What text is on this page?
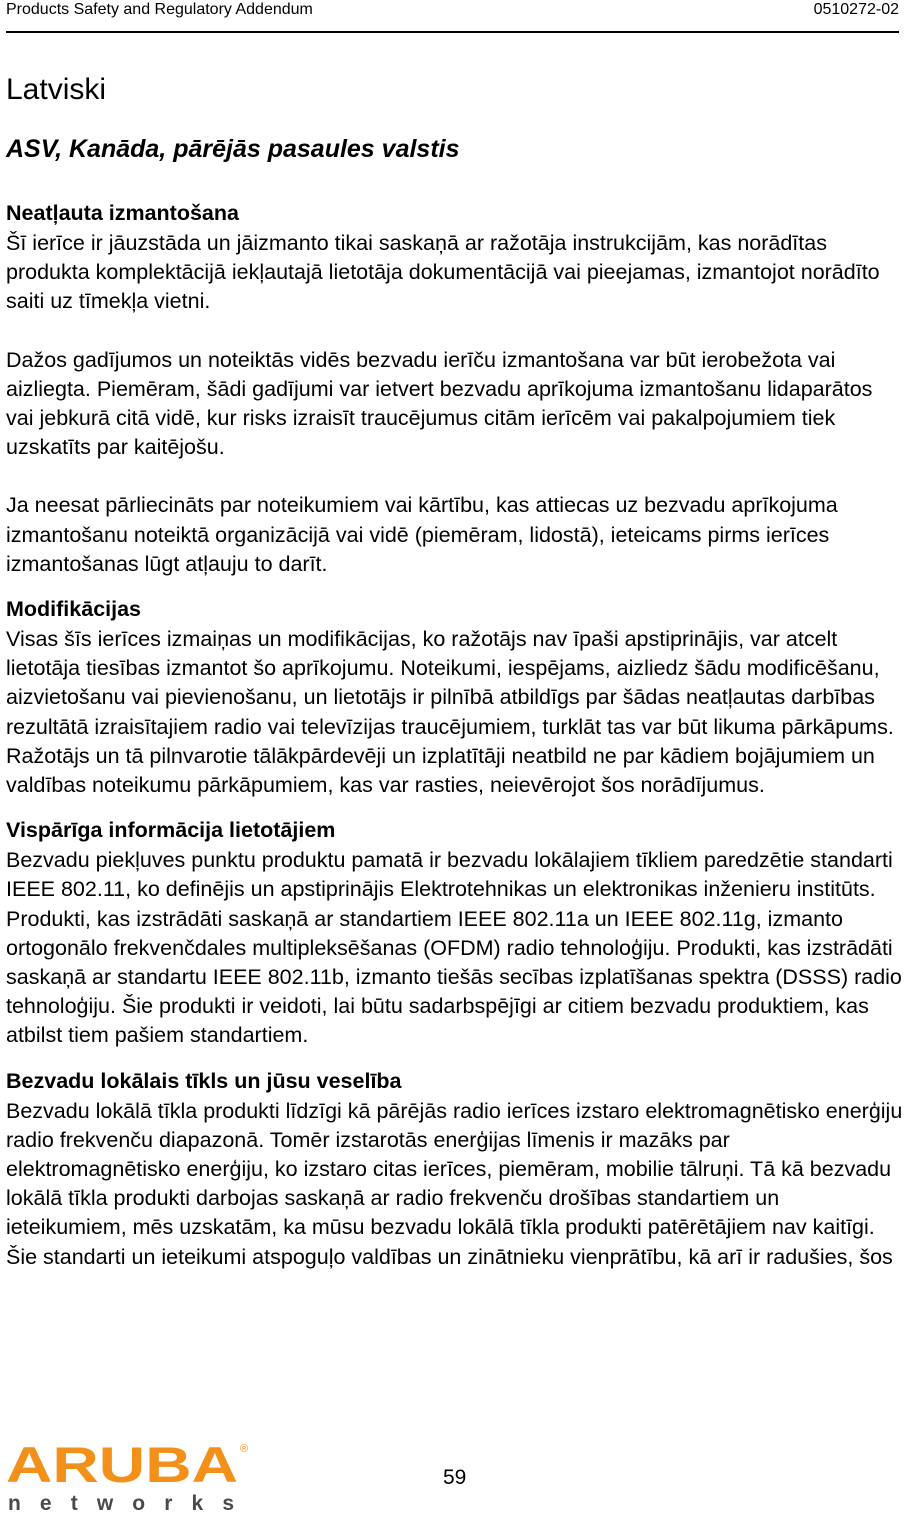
Products Safety and Regulatory Addendum	0510272-02
Latviski
ASV, Kanāda, pārējās pasaules valstis
Neatļauta izmantošana

Šī ierīce ir jāuzstāda un jāizmanto tikai saskaņā ar ražotāja instrukcijām, kas norādītas produkta komplektācijā iekļautajā lietotāja dokumentācijā vai pieejamas, izmantojot norādīto saiti uz tīmekļa vietni.

Dažos gadījumos un noteiktās vidēs bezvadu ierīču izmantošana var būt ierobežota vai aizliegta. Piemēram, šādi gadījumi var ietvert bezvadu aprīkojuma izmantošanu lidaparātos vai jebkurā citā vidē, kur risks izraisīt traucējumus citām ierīcēm vai pakalpojumiem tiek uzskatīts par kaitējošu.

Ja neesat pārliecināts par noteikumiem vai kārtību, kas attiecas uz bezvadu aprīkojuma izmantošanu noteiktā organizācijā vai vidē (piemēram, lidostā), ieteicams pirms ierīces izmantošanas lūgt atļauju to darīt.

Modifikācijas

Visas šīs ierīces izmaiņas un modifikācijas, ko ražotājs nav īpaši apstiprinājis, var atcelt lietotāja tiesības izmantot šo aprīkojumu. Noteikumi, iespējams, aizliedz šādu modificēšanu, aizvietošanu vai pievienošanu, un lietotājs ir pilnībā atbildīgs par šādas neatļautas darbības rezultātā izraisītajiem radio vai televīzijas traucējumiem, turklāt tas var būt likuma pārkāpums. Ražotājs un tā pilnvarotie tālākpārdevēji un izplatītāji neatbild ne par kādiem bojājumiem un valdības noteikumu pārkāpumiem, kas var rasties, neievērojot šos norādījumus.

Vispārīga informācija lietotājiem

Bezvadu piekļuves punktu produktu pamatā ir bezvadu lokālajiem tīkliem paredzētie standarti IEEE 802.11, ko definējis un apstiprinājis Elektrotehnikas un elektronikas inženieru institūts. Produkti, kas izstrādāti saskaņā ar standartiem IEEE 802.11a un IEEE 802.11g, izmanto ortogonālo frekvenčdales multipleksēšanas (OFDM) radio tehnoloģiju. Produkti, kas izstrādāti saskaņā ar standartu IEEE 802.11b, izmanto tiešās secības izplatīšanas spektra (DSSS) radio tehnoloģiju. Šie produkti ir veidoti, lai būtu sadarbspējīgi ar citiem bezvadu produktiem, kas atbilst tiem pašiem standartiem.

Bezvadu lokālais tīkls un jūsu veselība

Bezvadu lokālā tīkla produkti līdzīgi kā pārējās radio ierīces izstaro elektromagnētisko enerģiju radio frekvenču diapazonā. Tomēr izstarotās enerģijas līmenis ir mazāks par elektromagnētisko enerģiju, ko izstaro citas ierīces, piemēram, mobilie tālruņi. Tā kā bezvadu lokālā tīkla produkti darbojas saskaņā ar radio frekvenču drošības standartiem un ieteikumiem, mēs uzskatām, ka mūsu bezvadu lokālā tīkla produkti patērētājiem nav kaitīgi. Šie standarti un ieteikumi atspoguļo valdības un zinātnieku vienprātību, kā arī ir radušies, šos

ARUBA ®
networks
59
